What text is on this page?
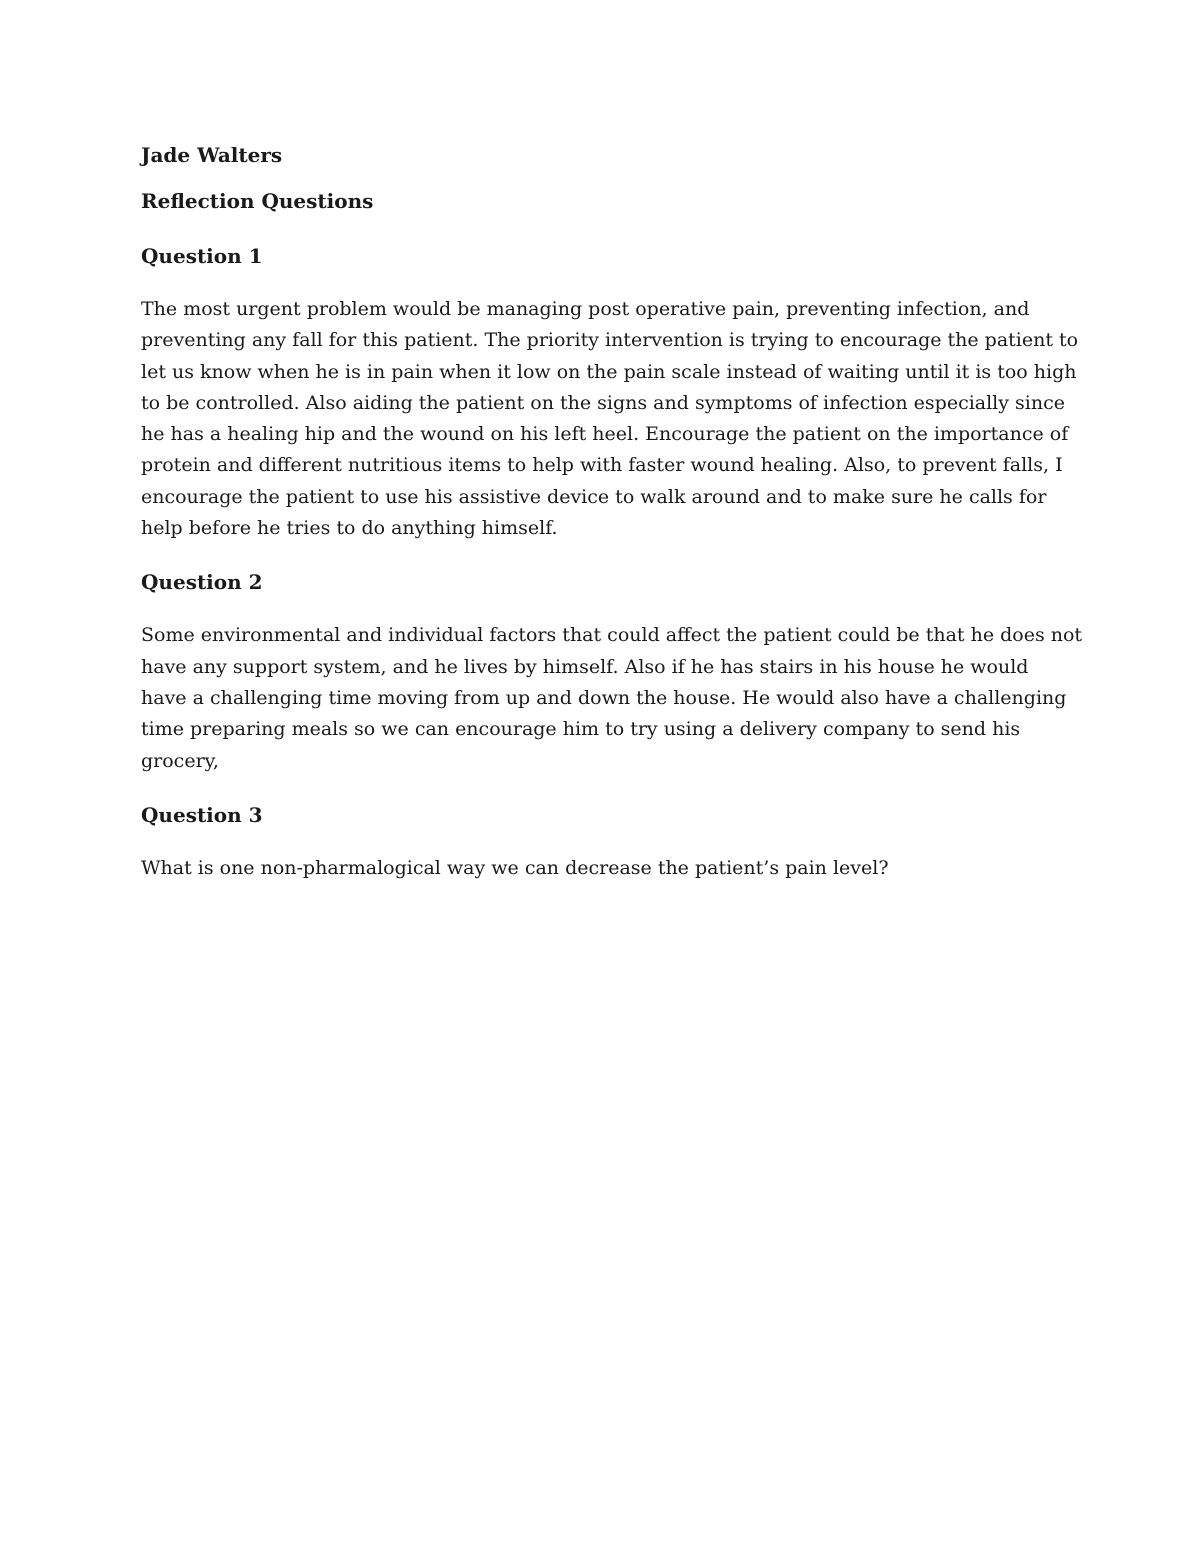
Jade Walters
Reflection Questions
Question 1

The most urgent problem would be managing post operative pain, preventing infection, and
preventing any fall for this patient. The priority intervention is trying to encourage the patient to
let us know when he is in pain when it low on the pain scale instead of waiting until it is too high
to be controlled. Also aiding the patient on the signs and symptoms of infection especially since
he has a healing hip and the wound on his left heel. Encourage the patient on the importance of
protein and different nutritious items to help with faster wound healing. Also, to prevent falls, I
encourage the patient to use his assistive device to walk around and to make sure he calls for
help before he tries to do anything himself.

Question 2

Some environmental and individual factors that could affect the patient could be that he does not
have any support system, and he lives by himself. Also if he has stairs in his house he would
have a challenging time moving from up and down the house. He would also have a challenging
time preparing meals so we can encourage him to try using a delivery company to send his
grocery,

Question 3

What is one non-pharmalogical way we can decrease the patient’s pain level?
